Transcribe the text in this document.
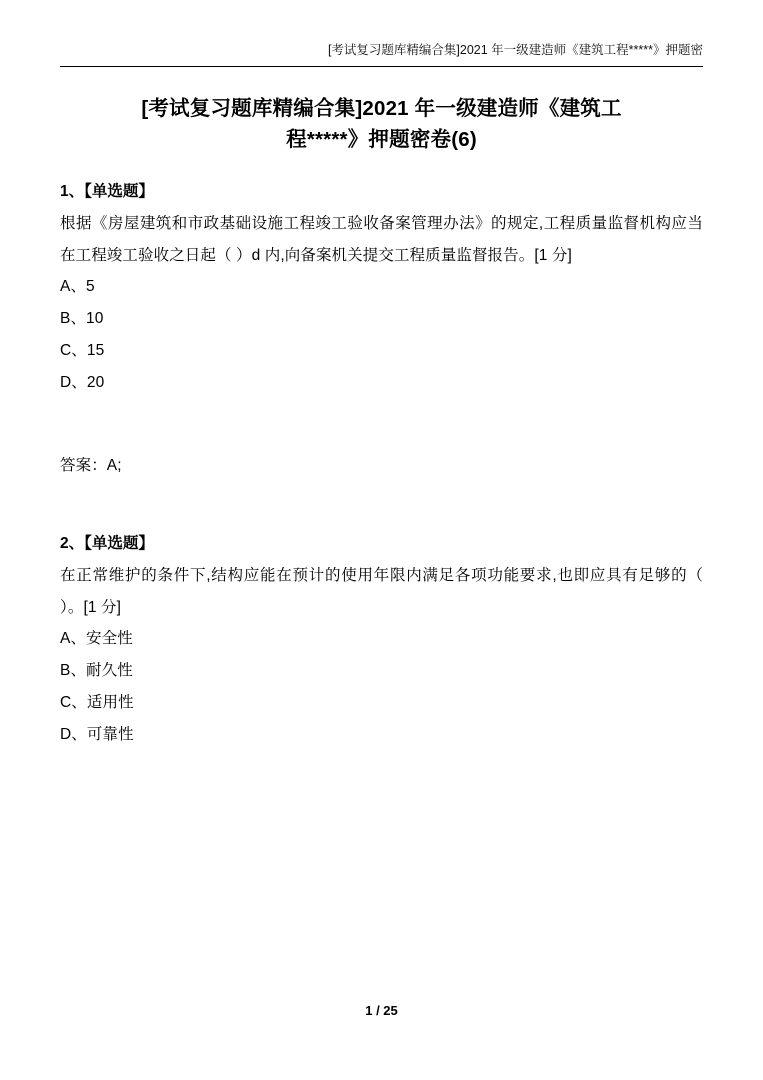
[考试复习题库精编合集]2021 年一级建造师《建筑工程*****》押题密
[考试复习题库精编合集]2021 年一级建造师《建筑工
程*****》押题密卷(6)
1、【单选题】
根据《房屋建筑和市政基础设施工程竣工验收备案管理办法》的规定,工程质量监督机构应当在工程竣工验收之日起（ ）d 内,向备案机关提交工程质量监督报告。[1 分]
A、5
B、10
C、15
D、20
答案：A;
2、【单选题】
在正常维护的条件下,结构应能在预计的使用年限内满足各项功能要求,也即应具有足够的（ ）。[1 分]
A、安全性
B、耐久性
C、适用性
D、可靠性
1 / 25
